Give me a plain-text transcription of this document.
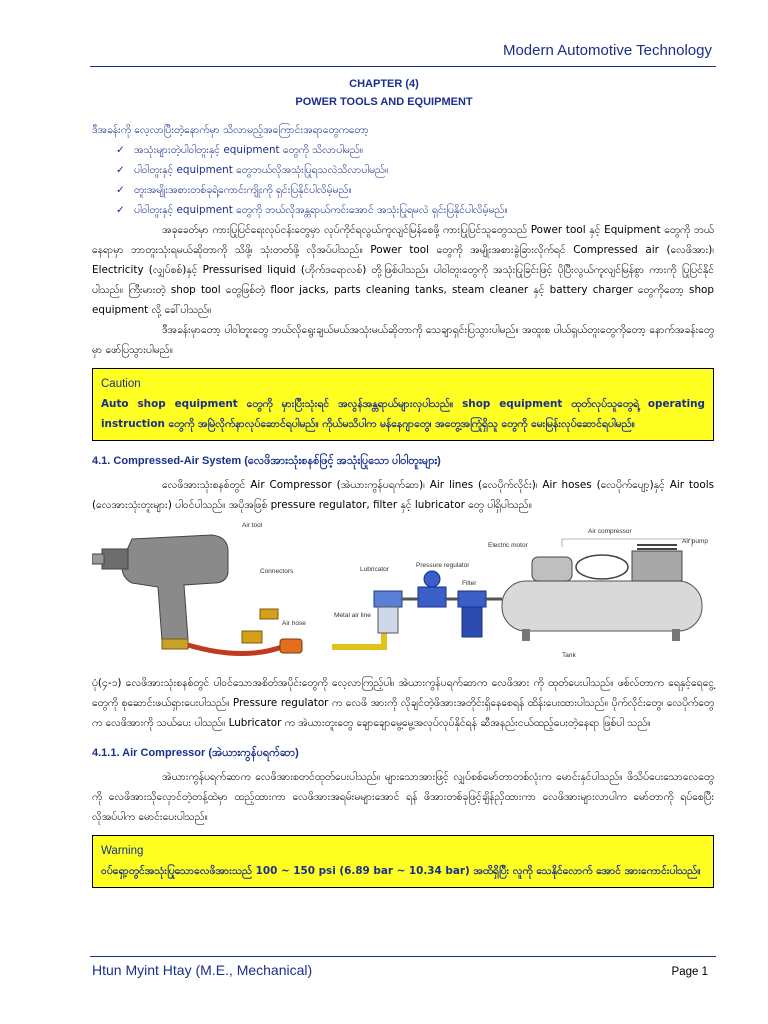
Modern Automotive Technology
CHAPTER (4)
POWER TOOLS AND EQUIPMENT

ဒီအခန်းကို လေ့လာပြီးတဲ့နောက်မှာ သိလာမည့်အကြောင်းအရာတွေကတော့

✓ အသုံးများတဲ့ပါဝါတူးနှင့် equipment တွေကို သိလာပါမည်။
✓ ပါဝါတူးနှင့် equipment တွေဘယ်လိုအသုံးပြုရသလဲသိလာပါမည်။
✓ တူးအမျိုးအစားတစ်ခုရဲ့ကောင်းကျိုးကို ရှင်းပြနိုင်ပါလိမ့်မည်။
✓ ပါဝါတူးနှင့် equipment တွေကို ဘယ်လိုအန္တရာယ်ကင်းအောင် အသုံးပြုရမလဲ ရှင်းပြနိုင်ပါလိမ့်မည်။

အခုခေတ်မှာ ကားပြုပြင်ရေးလုပ်ငန်းတွေမှာ လုပ်ကိုင်ရလွယ်ကူလျင်မြန်စေဖို့ ကားပြုပြင်သူတွေသည် Power tool နှင့် Equipment တွေကို ဘယ်နေရာမှာ ဘာတူးသုံးရမယ်ဆိုတာကို သိဖို့၊ သုံးတတ်ဖို့ လိုအပ်ပါသည်။ Power tool တွေကို အမျိုးအစားခွဲခြားလိုက်ရင် Compressed air (လေဖိအား)၊ Electricity (လျှပ်စစ်)နှင့် Pressurised liquid (ဟိုက်ဒရောလစ်) တို့ဖြစ်ပါသည်။ ပါဝါတူးတွေကို အသုံးပြုခြင်းဖြင့် ပိုပြီးလွယ်ကူလျင်မြန်စွာ ကားကို ပြုပြင်နိုင်ပါသည်။ ကြီးမားတဲ့ shop tool တွေဖြစ်တဲ့ floor jacks, parts cleaning tanks, steam cleaner နှင့် battery charger တွေကိုတော့ shop equipment လို့ ခေါ်ပါသည်။

ဒီအခန်းမှာတော့ ပါဝါတူးတွေ ဘယ်လိုရွေးချယ်မယ်အသုံးမယ်ဆိုတာကို သေချာရှင်းပြသွားပါမည်။ အထူးစ ပါယ်ရှယ်တူးတွေကိုတော့ နောက်အခန်းတွေမှာ ဖော်ပြသွားပါမည်။

Caution
Auto shop equipment တွေကို မှားပြီးသုံးရင် အလွန်အန္တရာယ်များလှပါသည်။ shop equipment ထုတ်လုပ်သူတွေရဲ့ operating instruction တွေကို အမြဲလိုက်နာလုပ်ဆောင်ရပါမည်။ ကိုယ်မသိပါက မန်နေဂျာတွေ၊ အတွေ့အကြုံရှိသူ တွေကို မေးမြန်းလုပ်ဆောင်ရပါမည်။
4.1. Compressed-Air System (လေဖိအားသုံးစနစ်ဖြင့် အသုံးပြုသော ပါဝါတူးများ)

လေဖိအားသုံးစနစ်တွင် Air Compressor (အဲယားကွန်ပရက်ဆာ)၊ Air lines (လေပိုက်လိုင်း)၊ Air hoses (လေပိုက်ပျော့)နှင့် Air tools (လေအားသုံးတူးများ) ပါဝင်ပါသည်။ အပိုအဖြစ် pressure regulator, filter နှင့် lubricator တွေ ပါရှိပါသည်။

Air compressor
Air pump
Electric motor
Air tool
Connectors	Lubricator
Pressure regulator
Filter
Air hose
Metal air line
Tank

ပုံ(၄-၁) လေဖိအားသုံးစနစ်တွင် ပါဝင်သောအစိတ်အပိုင်းတွေကို လေ့လာကြည့်ပါ။ အဲယားကွန်ပရက်ဆာက လေဖိအား ကို ထုတ်ပေးပါသည်။ ဖစ်လ်တာက ရေနှင့်ရေငွေ့တွေကို စုဆောင်းဖယ်ရှားပေးပါသည်။ Pressure regulator က လေဖိ အားကို လိုချင်တဲ့ဖိအားအတိုင်းရှိနေစေရန် ထိန်းပေးထားပါသည်။ ပိုက်လိုင်းတွေ၊ လေပိုက်တွေက လေဖိအားကို သယ်ပေး ပါသည်။ Lubricator က အဲယားတူးတွေ ချောချောမွေ့မွေ့အလုပ်လုပ်နိုင်ရန် ဆီအနည်းငယ်ထည့်ပေးတဲ့နေရာ ဖြစ်ပါ သည်။

4.1.1. Air Compressor (အဲယားကွန်ပရက်ဆာ)

အဲယားကွန်ပရက်ဆာက လေဖိအားစတင်ထုတ်ပေးပါသည်။ များသောအားဖြင့် လျှပ်စစ်မော်တာတစ်လုံးက မောင်းနှင်ပါသည်။ ဖိသိပ်ပေးသောလေတွေကို လေဖိအားသိုလှောင်တဲ့တန့်ထဲမှာ ထည့်ထားကာ လေဖိအားအရမ်းမများအောင် ရန် ဖိအားတစ်ခုဖြင့်ချိန်ညှိထားကာ လေဖိအားများလာပါက မော်တာကို ရပ်စေပြီး လိုအပ်ပါက မောင်းပေးပါသည်။

Warning
ဝပ်ရှော့တွင်အသုံးပြုသောလေဖိအားသည် 100 ~ 150 psi (6.89 bar ~ 10.34 bar) အထိရှိပြီး လူကို သေနိုင်လောက် အောင် အားကောင်းပါသည်။
Htun Myint Htay (M.E., Mechanical)	Page 1
